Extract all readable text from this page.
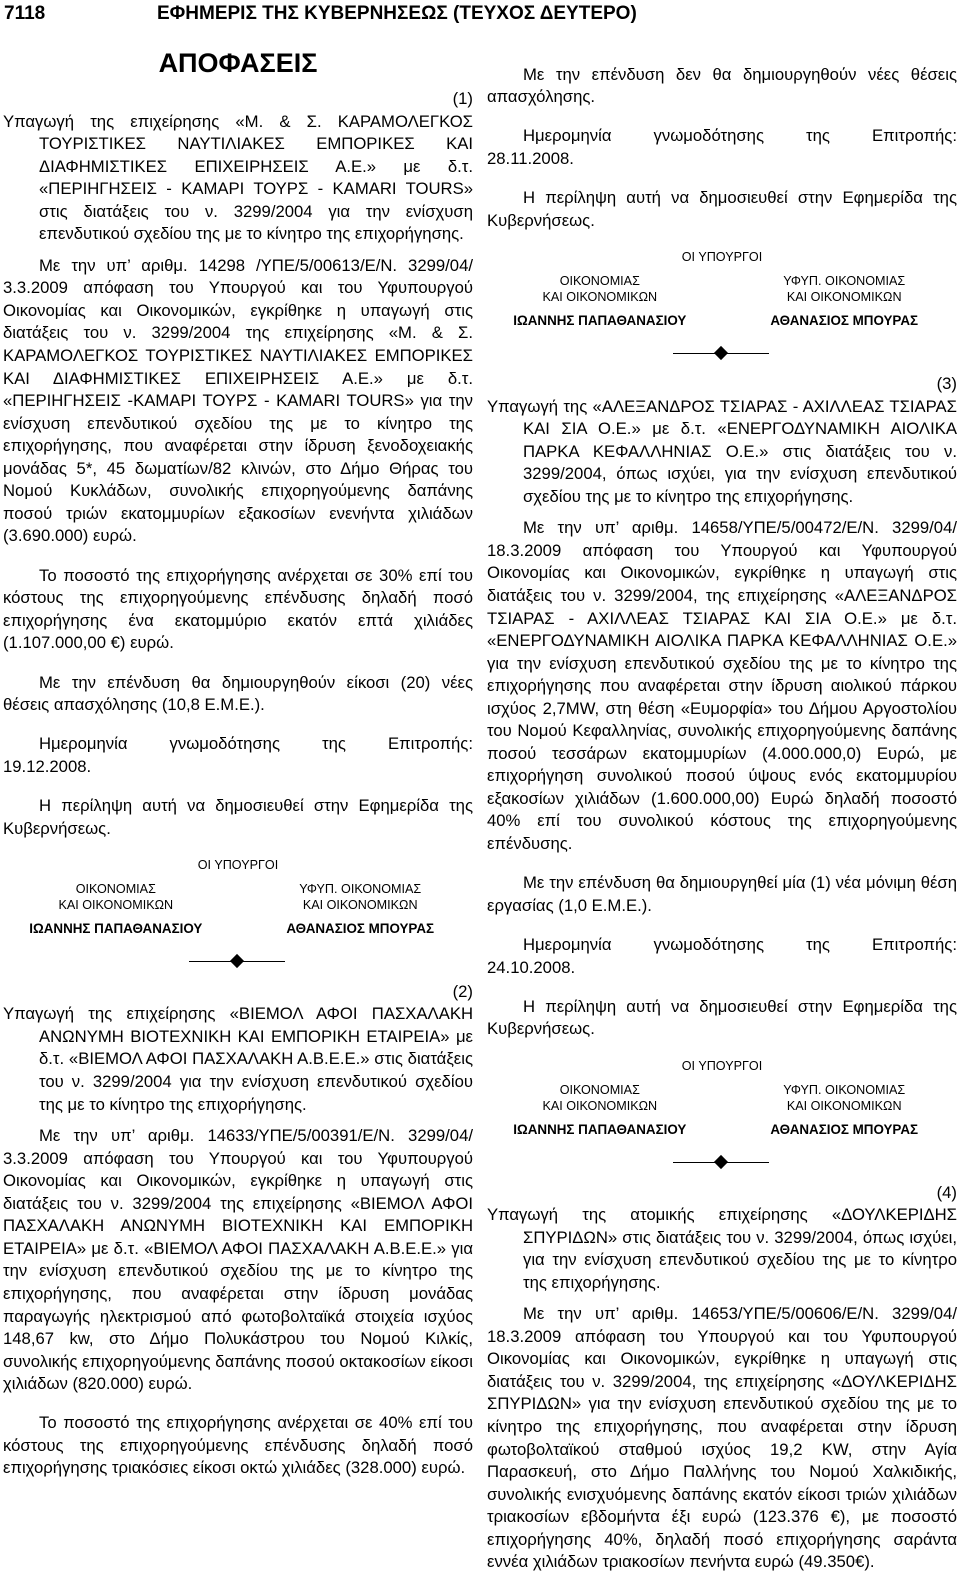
7118	ΕΦΗΜΕΡΙΣ ΤΗΣ ΚΥΒΕΡΝΗΣΕΩΣ (ΤΕΥΧΟΣ ΔΕΥΤΕΡΟ)
ΑΠΟΦΑΣΕΙΣ
(1)
Υπαγωγή της επιχείρησης «Μ. & Σ. ΚΑΡΑΜΟΛΕΓΚΟΣ ΤΟΥΡΙΣΤΙΚΕΣ ΝΑΥΤΙΛΙΑΚΕΣ ΕΜΠΟΡΙΚΕΣ ΚΑΙ ΔΙΑΦΗΜΙΣΤΙΚΕΣ ΕΠΙΧΕΙΡΗΣΕΙΣ Α.Ε.» με δ.τ. «ΠΕΡΙΗΓΗΣΕΙΣ - ΚΑΜΑΡΙ ΤΟΥΡΣ - KAMARI TOURS» στις διατάξεις του ν. 3299/2004 για την ενίσχυση επενδυτικού σχεδίου της με το κίνητρο της επιχορήγησης.

Με την υπ’ αριθμ. 14298 /ΥΠΕ/5/00613/Ε/Ν. 3299/04/ 3.3.2009 απόφαση του Υπουργού και του Υφυπουργού Οικονομίας και Οικονομικών, εγκρίθηκε η υπαγωγή στις διατάξεις του ν. 3299/2004 της επιχείρησης «Μ. & Σ. ΚΑΡΑΜΟΛΕΓΚΟΣ ΤΟΥΡΙΣΤΙΚΕΣ ΝΑΥΤΙΛΙΑΚΕΣ ΕΜΠΟΡΙΚΕΣ ΚΑΙ ΔΙΑΦΗΜΙΣΤΙΚΕΣ ΕΠΙΧΕΙΡΗΣΕΙΣ Α.Ε.» με δ.τ. «ΠΕΡΙΗΓΗΣΕΙΣ -ΚΑΜΑΡΙ ΤΟΥΡΣ - KAMARI TOURS» για την ενίσχυση επενδυτικού σχεδίου της με το κίνητρο της επιχορήγησης, που αναφέρεται στην ίδρυση ξενοδοχειακής μονάδας 5*, 45 δωματίων/82 κλινών, στο Δήμο Θήρας του Νομού Κυκλάδων, συνολικής επιχορηγούμενης δαπάνης ποσού τριών εκατομμυρίων εξακοσίων ενενήντα χιλιάδων (3.690.000) ευρώ.

Το ποσοστό της επιχορήγησης ανέρχεται σε 30% επί του κόστους της επιχορηγούμενης επένδυσης δηλαδή ποσό επιχορήγησης ένα εκατομμύριο εκατόν επτά χιλιάδες (1.107.000,00 €) ευρώ.

Με την επένδυση θα δημιουργηθούν είκοσι (20) νέες θέσεις απασχόλησης (10,8 Ε.Μ.Ε.).

Ημερομηνία γνωμοδότησης της Επιτροπής:
19.12.2008.

Η περίληψη αυτή να δημοσιευθεί στην Εφημερίδα της Κυβερνήσεως.

ΟΙ ΥΠΟΥΡΓΟΙ
ΟΙΚΟΝΟΜΙΑΣ
ΚΑΙ ΟΙΚΟΝΟΜΙΚΩΝ
ΙΩΑΝΝΗΣ ΠΑΠΑΘΑΝΑΣΙΟΥ
ΥΦΥΠ. ΟΙΚΟΝΟΜΙΑΣ
ΚΑΙ ΟΙΚΟΝΟΜΙΚΩΝ
ΑΘΑΝΑΣΙΟΣ ΜΠΟΥΡΑΣ
(2)
Υπαγωγή της επιχείρησης «ΒΙΕΜΟΛ ΑΦΟΙ ΠΑΣΧΑΛΑΚΗ ΑΝΩΝΥΜΗ ΒΙΟΤΕΧΝΙΚΗ ΚΑΙ ΕΜΠΟΡΙΚΗ ΕΤΑΙΡΕΙΑ» με δ.τ. «ΒΙΕΜΟΛ ΑΦΟΙ ΠΑΣΧΑΛΑΚΗ Α.Β.Ε.Ε.» στις διατάξεις του ν. 3299/2004 για την ενίσχυση επενδυτικού σχεδίου της με το κίνητρο της επιχορήγησης.

Με την υπ’ αριθμ. 14633/ΥΠΕ/5/00391/Ε/Ν. 3299/04/ 3.3.2009 απόφαση του Υπουργού και του Υφυπουργού Οικονομίας και Οικονομικών, εγκρίθηκε η υπαγωγή στις διατάξεις του ν. 3299/2004 της επιχείρησης «ΒΙΕΜΟΛ ΑΦΟΙ ΠΑΣΧΑΛΑΚΗ ΑΝΩΝΥΜΗ ΒΙΟΤΕΧΝΙΚΗ ΚΑΙ ΕΜΠΟΡΙΚΗ ΕΤΑΙΡΕΙΑ» με δ.τ. «ΒΙΕΜΟΛ ΑΦΟΙ ΠΑΣΧΑΛΑΚΗ Α.Β.Ε.Ε.» για την ενίσχυση επενδυτικού σχεδίου της με το κίνητρο της επιχορήγησης, που αναφέρεται στην ίδρυση μονάδας παραγωγής ηλεκτρισμού από φωτοβολταϊκά στοιχεία ισχύος 148,67 kw, στο Δήμο Πολυκάστρου του Νομού Κιλκίς, συνολικής επιχορηγούμενης δαπάνης ποσού οκτακοσίων είκοσι χιλιάδων (820.000) ευρώ.

Το ποσοστό της επιχορήγησης ανέρχεται σε 40% επί του κόστους της επιχορηγούμενης επένδυσης δηλαδή ποσό επιχορήγησης τριακόσιες είκοσι οκτώ χιλιάδες (328.000) ευρώ.

Με την επένδυση δεν θα δημιουργηθούν νέες θέσεις απασχόλησης.

Ημερομηνία γνωμοδότησης της Επιτροπής:
28.11.2008.

Η περίληψη αυτή να δημοσιευθεί στην Εφημερίδα της Κυβερνήσεως.

ΟΙ ΥΠΟΥΡΓΟΙ
ΟΙΚΟΝΟΜΙΑΣ
ΚΑΙ ΟΙΚΟΝΟΜΙΚΩΝ
ΙΩΑΝΝΗΣ ΠΑΠΑΘΑΝΑΣΙΟΥ
ΥΦΥΠ. ΟΙΚΟΝΟΜΙΑΣ
ΚΑΙ ΟΙΚΟΝΟΜΙΚΩΝ
ΑΘΑΝΑΣΙΟΣ ΜΠΟΥΡΑΣ
(3)
Υπαγωγή της «ΑΛΕΞΑΝΔΡΟΣ ΤΣΙΑΡΑΣ - ΑΧΙΛΛΕΑΣ ΤΣΙΑΡΑΣ ΚΑΙ ΣΙΑ Ο.Ε.» με δ.τ. «ΕΝΕΡΓΟΔΥΝΑΜΙΚΗ ΑΙΟΛΙΚΑ ΠΑΡΚΑ ΚΕΦΑΛΛΗΝΙΑΣ Ο.Ε.» στις διατάξεις του ν. 3299/2004, όπως ισχύει, για την ενίσχυση επενδυτικού σχεδίου της με το κίνητρο της επιχορήγησης.

Με την υπ’ αριθμ. 14658/ΥΠΕ/5/00472/Ε/Ν. 3299/04/ 18.3.2009 απόφαση του Υπουργού και Υφυπουργού Οικονομίας και Οικονομικών, εγκρίθηκε η υπαγωγή στις διατάξεις του ν. 3299/2004, της επιχείρησης «ΑΛΕΞΑΝΔΡΟΣ ΤΣΙΑΡΑΣ - ΑΧΙΛΛΕΑΣ ΤΣΙΑΡΑΣ ΚΑΙ ΣΙΑ Ο.Ε.» με δ.τ. «ΕΝΕΡΓΟΔΥΝΑΜΙΚΗ ΑΙΟΛΙΚΑ ΠΑΡΚΑ ΚΕΦΑΛΛΗΝΙΑΣ Ο.Ε.» για την ενίσχυση επενδυτικού σχεδίου της με το κίνητρο της επιχορήγησης που αναφέρεται στην ίδρυση αιολικού πάρκου ισχύος 2,7MW, στη θέση «Ευμορφία» του Δήμου Αργοστολίου του Νομού Κεφαλληνίας, συνολικής επιχορηγούμενης δαπάνης ποσού τεσσάρων εκατομμυρίων (4.000.000,0) Ευρώ, με επιχορήγηση συνολικού ποσού ύψους ενός εκατομμυρίου εξακοσίων χιλιάδων (1.600.000,00) Ευρώ δηλαδή ποσοστό 40% επί του συνολικού κόστους της επιχορηγούμενης επένδυσης.

Με την επένδυση θα δημιουργηθεί μία (1) νέα μόνιμη θέση εργασίας (1,0 Ε.Μ.Ε.).

Ημερομηνία γνωμοδότησης της Επιτροπής:
24.10.2008.

Η περίληψη αυτή να δημοσιευθεί στην Εφημερίδα της Κυβερνήσεως.

ΟΙ ΥΠΟΥΡΓΟΙ
ΟΙΚΟΝΟΜΙΑΣ
ΚΑΙ ΟΙΚΟΝΟΜΙΚΩΝ
ΙΩΑΝΝΗΣ ΠΑΠΑΘΑΝΑΣΙΟΥ
ΥΦΥΠ. ΟΙΚΟΝΟΜΙΑΣ
ΚΑΙ ΟΙΚΟΝΟΜΙΚΩΝ
ΑΘΑΝΑΣΙΟΣ ΜΠΟΥΡΑΣ
(4)
Υπαγωγή της ατομικής επιχείρησης «ΔΟΥΛΚΕΡΙΔΗΣ ΣΠΥΡΙΔΩΝ» στις διατάξεις του ν. 3299/2004, όπως ισχύει, για την ενίσχυση επενδυτικού σχεδίου της με το κίνητρο της επιχορήγησης.

Με την υπ’ αριθμ. 14653/ΥΠΕ/5/00606/Ε/Ν. 3299/04/ 18.3.2009 απόφαση του Υπουργού και του Υφυπουργού Οικονομίας και Οικονομικών, εγκρίθηκε η υπαγωγή στις διατάξεις του ν. 3299/2004, της επιχείρησης «ΔΟΥΛΚΕΡΙΔΗΣ ΣΠΥΡΙΔΩΝ» για την ενίσχυση επενδυτικού σχεδίου της με το κίνητρο της επιχορήγησης, που αναφέρεται στην ίδρυση φωτοβολταϊκού σταθμού ισχύος 19,2 KW, στην Αγία Παρασκευή, στο Δήμο Παλλήνης του Νομού Χαλκιδικής, συνολικής ενισχυόμενης δαπάνης εκατόν είκοσι τριών χιλιάδων τριακοσίων εβδομήντα έξι ευρώ (123.376 €), με ποσοστό επιχορήγησης 40%, δηλαδή ποσό επιχορήγησης σαράντα εννέα χιλιάδων τριακοσίων πενήντα ευρώ (49.350€).
